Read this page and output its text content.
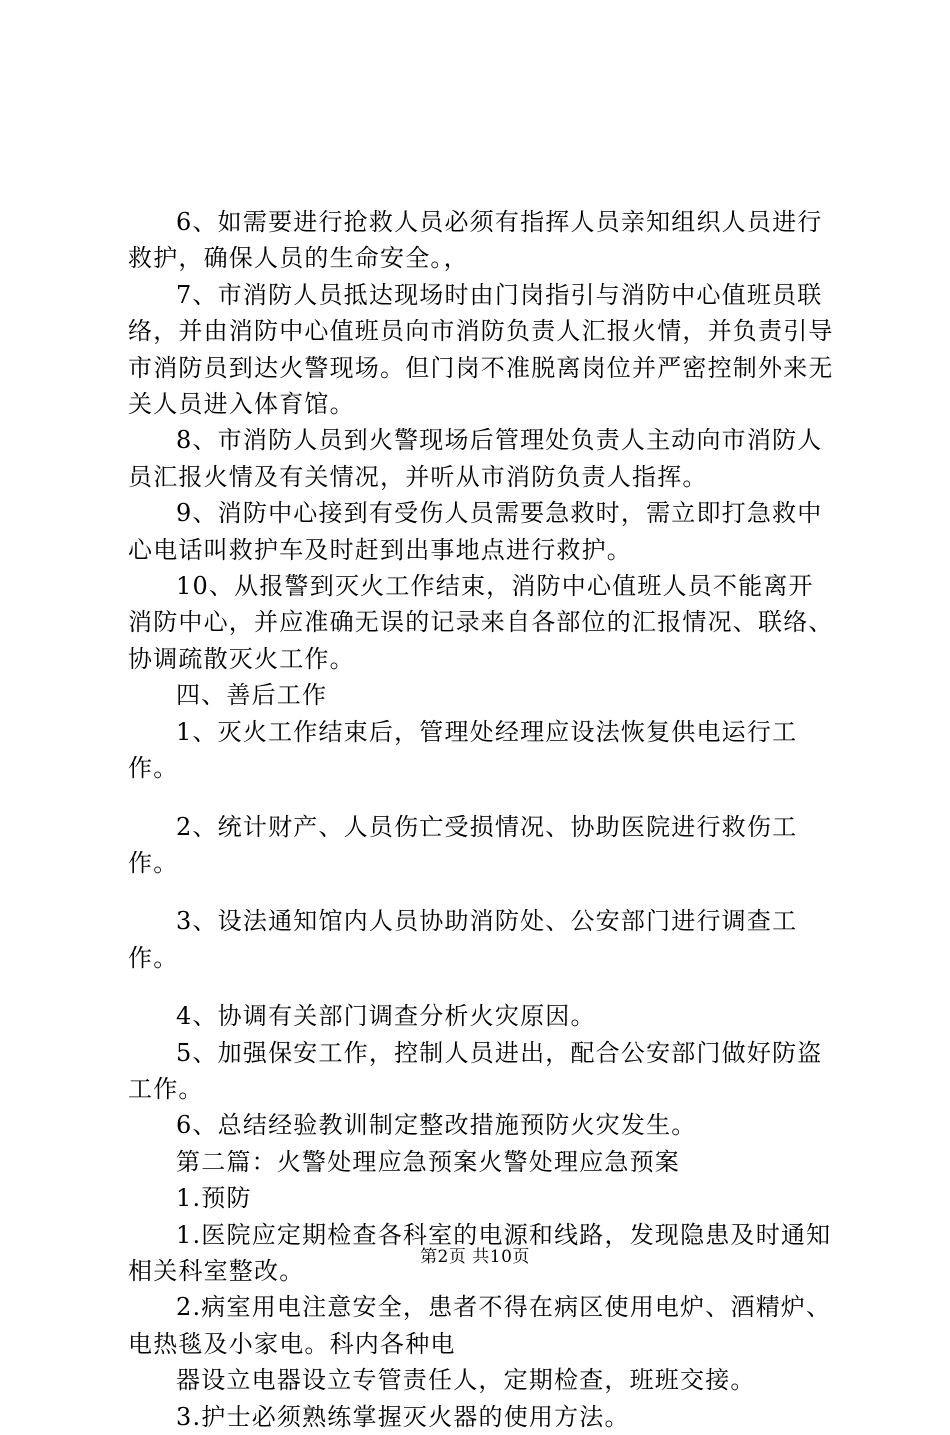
6、如需要进行抢救人员必须有指挥人员亲知组织人员进行救护，确保人员的生命安全。，

7、市消防人员抵达现场时由门岗指引与消防中心值班员联络，并由消防中心值班员向市消防负责人汇报火情，并负责引导市消防员到达火警现场。但门岗不准脱离岗位并严密控制外来无关人员进入体育馆。

8、市消防人员到火警现场后管理处负责人主动向市消防人员汇报火情及有关情况，并听从市消防负责人指挥。

9、消防中心接到有受伤人员需要急救时，需立即打急救中心电话叫救护车及时赶到出事地点进行救护。

10、从报警到灭火工作结束，消防中心值班人员不能离开消防中心，并应准确无误的记录来自各部位的汇报情况、联络、协调疏散灭火工作。

四、善后工作

1、灭火工作结束后，管理处经理应设法恢复供电运行工作。

2、统计财产、人员伤亡受损情况、协助医院进行救伤工作。

3、设法通知馆内人员协助消防处、公安部门进行调查工作。

4、协调有关部门调查分析火灾原因。

5、加强保安工作，控制人员进出，配合公安部门做好防盗工作。

6、总结经验教训制定整改措施预防火灾发生。

第二篇：火警处理应急预案火警处理应急预案

1.预防

1.医院应定期检查各科室的电源和线路，发现隐患及时通知相关科室整改。

2.病室用电注意安全，患者不得在病区使用电炉、酒精炉、电热毯及小家电。科内各种电

器设立电器设立专管责任人，定期检查，班班交接。

3.护士必须熟练掌握灭火器的使用方法。

第2页 共10页
